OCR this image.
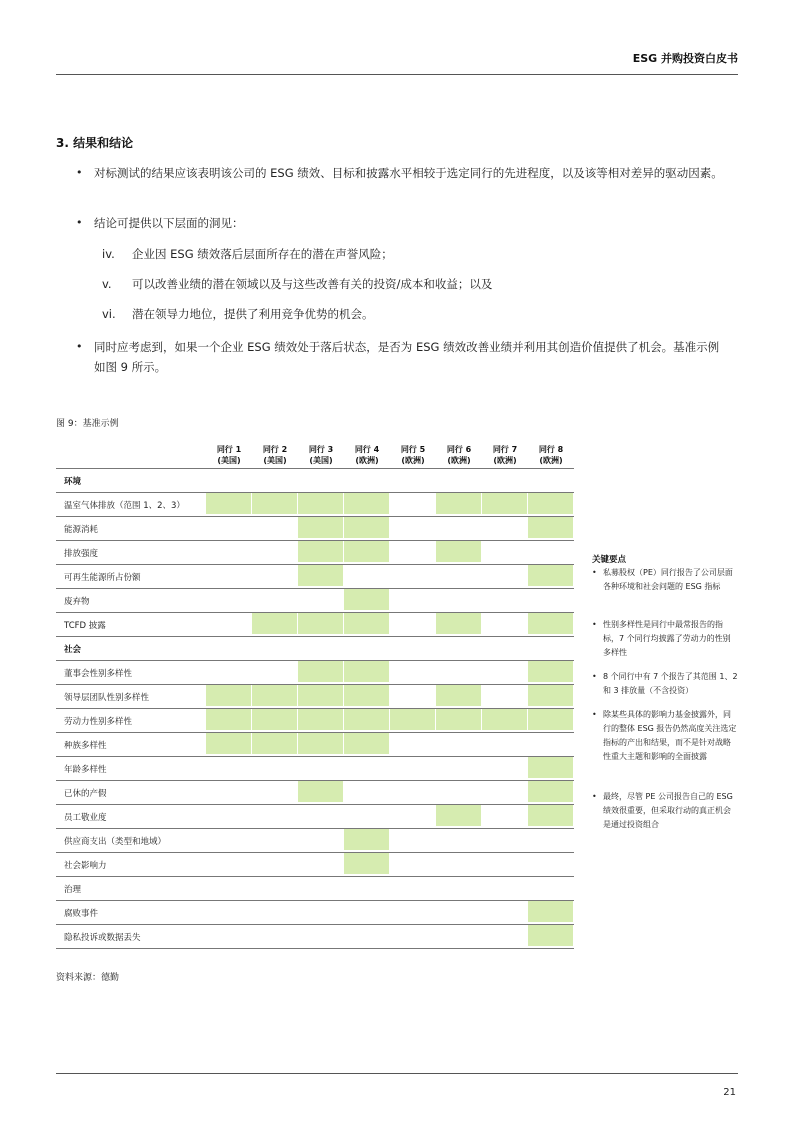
ESG 并购投资白皮书
3. 结果和结论
• 对标测试的结果应该表明该公司的 ESG 绩效、目标和披露水平相较于选定同行的先进程度，以及该等相对差异的驱动因素。
• 结论可提供以下层面的洞见：
iv. 企业因 ESG 绩效落后层面所存在的潜在声誉风险；
v. 可以改善业绩的潜在领域以及与这些改善有关的投资/成本和收益；以及
vi. 潜在领导力地位，提供了利用竞争优势的机会。
• 同时应考虑到，如果一个企业 ESG 绩效处于落后状态，是否为 ESG 绩效改善业绩并利用其创造价值提供了机会。基准示例如图 9 所示。
图 9：基准示例
同行 1
(美国)
同行 2
(美国)
同行 3
(美国)
同行 4
(欧洲)
同行 5
(欧洲)
同行 6
(欧洲)
同行 7
(欧洲)
同行 8
(欧洲)
环境
温室气体排放（范围 1、2、3）
能源消耗
排放强度
可再生能源所占份额
废弃物
TCFD 披露
社会
董事会性别多样性
领导层团队性别多样性
劳动力性别多样性
种族多样性
年龄多样性
已休的产假
员工敬业度
供应商支出（类型和地域）
社会影响力
治理
腐败事件
隐私投诉或数据丢失
关键要点
• 私募股权（PE）同行报告了公司层面各种环境和社会问题的 ESG 指标
• 性别多样性是同行中最常报告的指标，7 个同行均披露了劳动力的性别多样性
• 8 个同行中有 7 个报告了其范围 1、2 和 3 排放量（不含投资）
• 除某些具体的影响力基金披露外，同行的整体 ESG 报告仍然高度关注选定指标的产出和结果，而不是针对战略性重大主题和影响的全面披露
• 最终，尽管 PE 公司报告自己的 ESG 绩效很重要，但采取行动的真正机会是通过投资组合
资料来源：德勤
21
